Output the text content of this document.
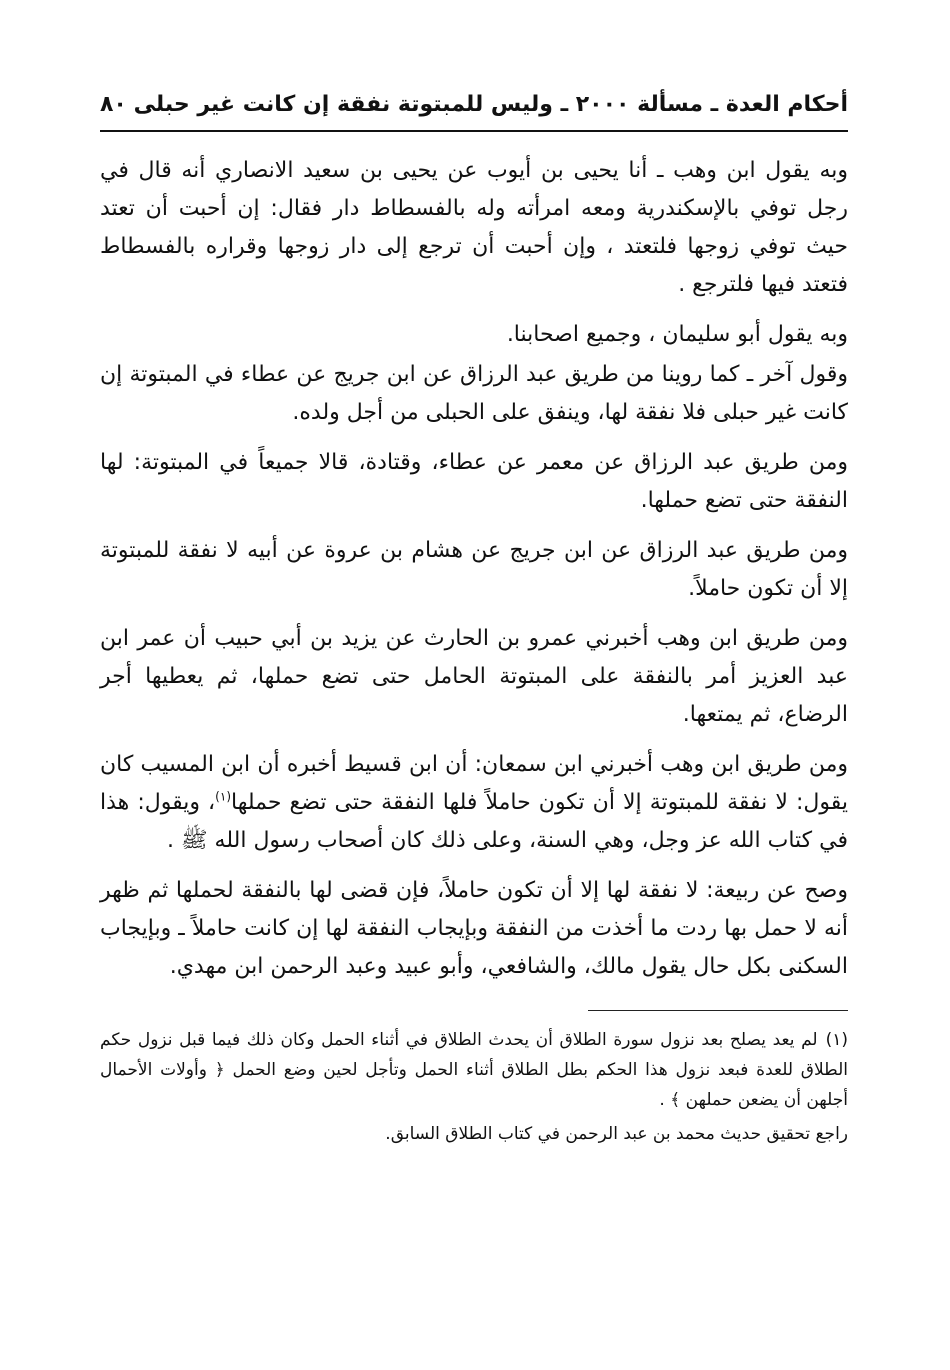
أحكام العدة ـ مسألة ٢٠٠٠ ـ وليس للمبتوتة نفقة إن كانت غير حبلى
٨٠

وبه يقول ابن وهب ـ أنا يحيى بن أيوب عن يحيى بن سعيد الانصاري أنه قال في رجل توفي بالإسكندرية ومعه امرأته وله بالفسطاط دار فقال: إن أحبت أن تعتد حيث توفي زوجها فلتعتد ، وإن أحبت أن ترجع إلى دار زوجها وقراره بالفسطاط فتعتد فيها فلترجع .

وبه يقول أبو سليمان ، وجميع اصحابنا.

وقول آخر ـ كما روينا من طريق عبد الرزاق عن ابن جريج عن عطاء في المبتوتة إن كانت غير حبلى فلا نفقة لها، وينفق على الحبلى من أجل ولده.

ومن طريق عبد الرزاق عن معمر عن عطاء، وقتادة، قالا جميعاً في المبتوتة: لها النفقة حتى تضع حملها.

ومن طريق عبد الرزاق عن ابن جريج عن هشام بن عروة عن أبيه لا نفقة للمبتوتة إلا أن تكون حاملاً.

ومن طريق ابن وهب أخبرني عمرو بن الحارث عن يزيد بن أبي حبيب أن عمر ابن عبد العزيز أمر بالنفقة على المبتوتة الحامل حتى تضع حملها، ثم يعطيها أجر الرضاع، ثم يمتعها.

ومن طريق ابن وهب أخبرني ابن سمعان: أن ابن قسيط أخبره أن ابن المسيب كان يقول: لا نفقة للمبتوتة إلا أن تكون حاملاً فلها النفقة حتى تضع حملها$^{(١)}$، ويقول: هذا في كتاب الله عز وجل، وهي السنة، وعلى ذلك كان أصحاب رسول الله ﷺ .

وصح عن ربيعة: لا نفقة لها إلا أن تكون حاملاً، فإن قضى لها بالنفقة لحملها ثم ظهر أنه لا حمل بها ردت ما أخذت من النفقة وبإيجاب النفقة لها إن كانت حاملاً ـ وبإيجاب السكنى بكل حال يقول مالك، والشافعي، وأبو عبيد وعبد الرحمن ابن مهدي.

(١)لم يعد يصلح بعد نزول سورة الطلاق أن يحدث الطلاق في أثناء الحمل وكان ذلك فيما قبل نزول حكم الطلاق للعدة فبعد نزول هذا الحكم بطل الطلاق أثناء الحمل وتأجل لحين وضع الحمل ﴿ وأولات الأحمال أجلهن أن يضعن حملهن ﴾ .

راجع تحقيق حديث محمد بن عبد الرحمن في كتاب الطلاق السابق.
